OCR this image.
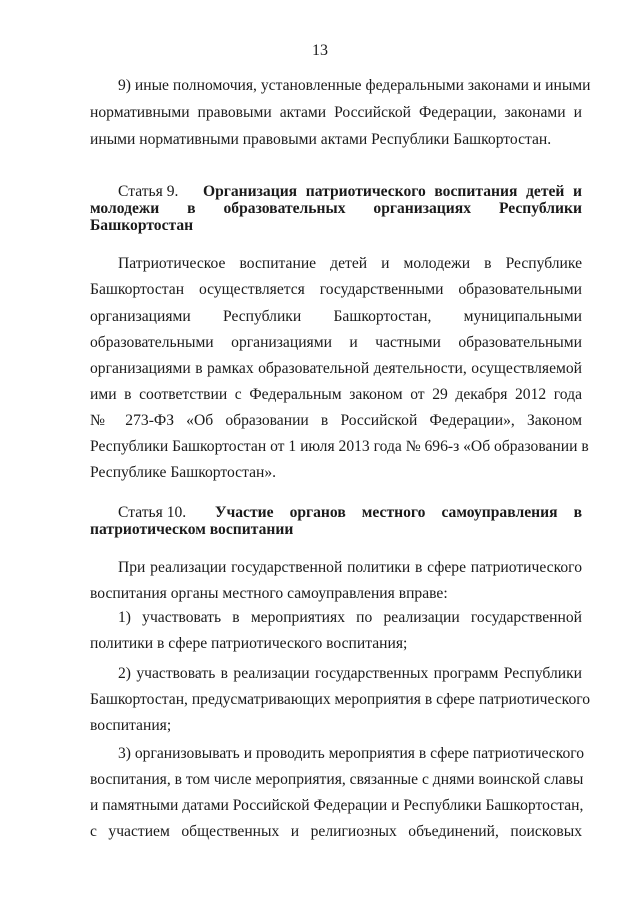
13
9) иные полномочия, установленные федеральными законами и иными
нормативными правовыми актами Российской Федерации, законами и
иными нормативными правовыми актами Республики Башкортостан.
Статья 9. Организация патриотического воспитания детей и
молодежи в образовательных организациях Республики
Башкортостан
Патриотическое воспитание детей и молодежи в Республике
Башкортостан осуществляется государственными образовательными
организациями Республики Башкортостан, муниципальными
образовательными организациями и частными образовательными
организациями в рамках образовательной деятельности, осуществляемой
ими в соответствии с Федеральным законом от 29 декабря 2012 года
№ 273-ФЗ «Об образовании в Российской Федерации», Законом
Республики Башкортостан от 1 июля 2013 года № 696-з «Об образовании в
Республике Башкортостан».
Статья 10. Участие органов местного самоуправления в
патриотическом воспитании
При реализации государственной политики в сфере патриотического
воспитания органы местного самоуправления вправе:
1) участвовать в мероприятиях по реализации государственной
политики в сфере патриотического воспитания;
2) участвовать в реализации государственных программ Республики
Башкортостан, предусматривающих мероприятия в сфере патриотического
воспитания;
3) организовывать и проводить мероприятия в сфере патриотического
воспитания, в том числе мероприятия, связанные с днями воинской славы
и памятными датами Российской Федерации и Республики Башкортостан,
с участием общественных и религиозных объединений, поисковых
